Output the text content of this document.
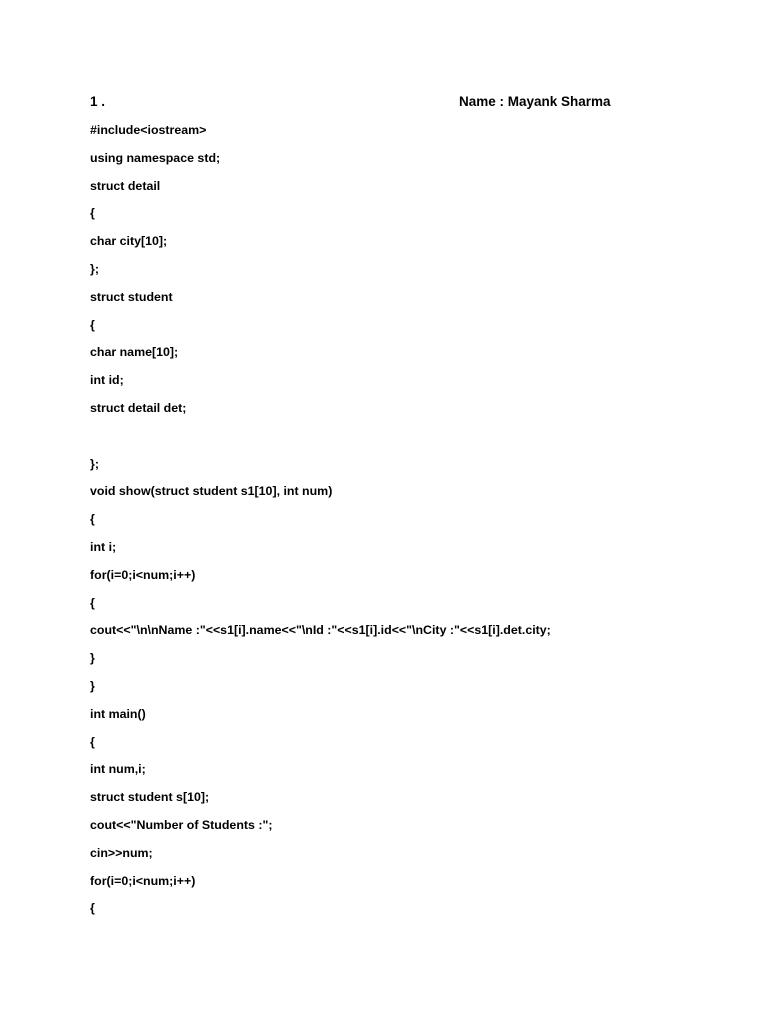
1 .	Name : Mayank Sharma
#include<iostream>
using namespace std;
struct detail
{
char city[10];
};
struct student
{
char name[10];
int id;
struct detail det;
};
void show(struct student s1[10], int num)
{
int i;
for(i=0;i<num;i++)
{
cout<<"\n\nName :"<<s1[i].name<<"\nId :"<<s1[i].id<<"\nCity :"<<s1[i].det.city;
}
}
int main()
{
int num,i;
struct student s[10];
cout<<"Number of Students :";
cin>>num;
for(i=0;i<num;i++)
{
